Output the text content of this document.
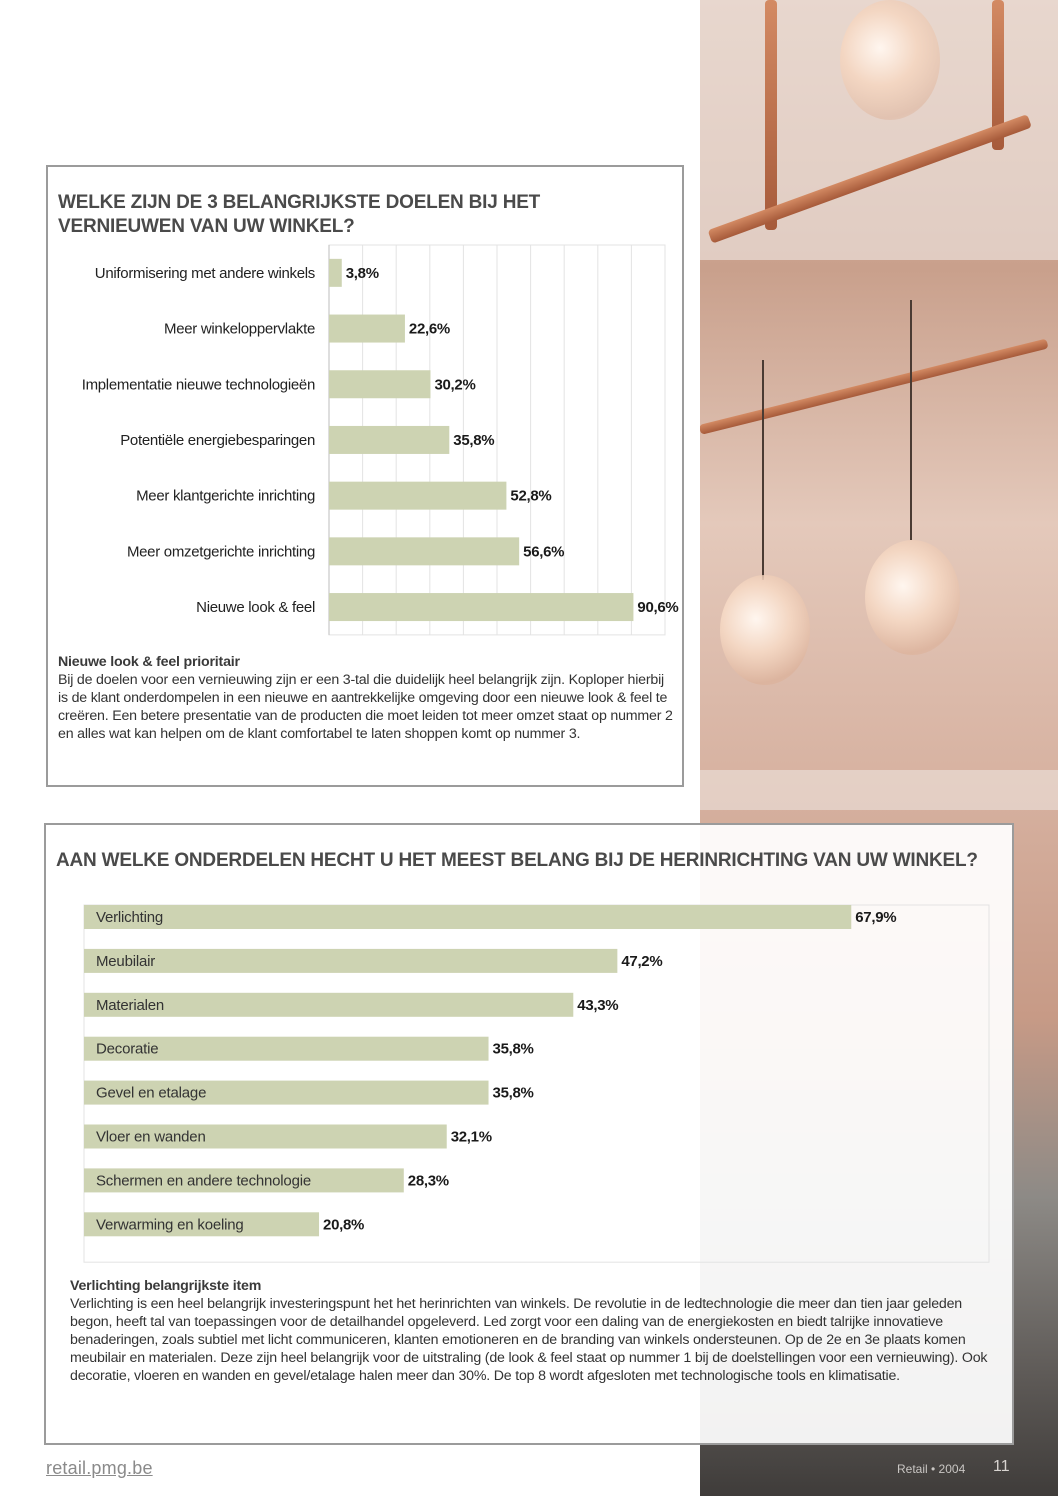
WELKE ZIJN DE 3 BELANGRIJKSTE DOELEN BIJ HET VERNIEUWEN VAN UW WINKEL?
Uniformisering met andere winkels 3,8%
Meer winkeloppervlakte	22,6%
Implementatie nieuwe technologieën	30,2%
Potentiële energiebesparingen	35,8%
Meer klantgerichte inrichting	52,8%
Meer omzetgerichte inrichting	56,6%
Nieuwe look & feel	90,6%

Nieuwe look & feel prioritair
Bij de doelen voor een vernieuwing zijn er een 3-tal die duidelijk heel belangrijk zijn. Koploper hierbij is de klant onderdompelen in een nieuwe en aantrekkelijke omgeving door een nieuwe look & feel te creëren. Een betere presentatie van de producten die moet leiden tot meer omzet staat op nummer 2 en alles wat kan helpen om de klant comfortabel te laten shoppen komt op nummer 3.

AAN WELKE ONDERDELEN HECHT U HET MEEST BELANG BIJ DE HERINRICHTING VAN UW WINKEL?
Verlichting	67,9%
Meubilair	47,2%
Materialen	43,3%
Decoratie	35,8%
Gevel en etalage	35,8%
Vloer en wanden	32,1%
Schermen en andere technologie	28,3%
Verwarming en koeling	20,8%

Verlichting belangrijkste item
Verlichting is een heel belangrijk investeringspunt het het herinrichten van winkels. De revolutie in de ledtechnologie die meer dan tien jaar geleden begon, heeft tal van toepassingen voor de detailhandel opgeleverd. Led zorgt voor een daling van de energiekosten en biedt talrijke innovatieve benaderingen, zoals subtiel met licht communiceren, klanten emotioneren en de branding van winkels ondersteunen. Op de 2e en 3e plaats komen meubilair en materialen. Deze zijn heel belangrijk voor de uitstraling (de look & feel staat op nummer 1 bij de doelstellingen voor een vernieuwing). Ook decoratie, vloeren en wanden en gevel/etalage halen meer dan 30%. De top 8 wordt afgesloten met technologische tools en klimatisatie.

retail.pmg.be	Retail • 2004 11
